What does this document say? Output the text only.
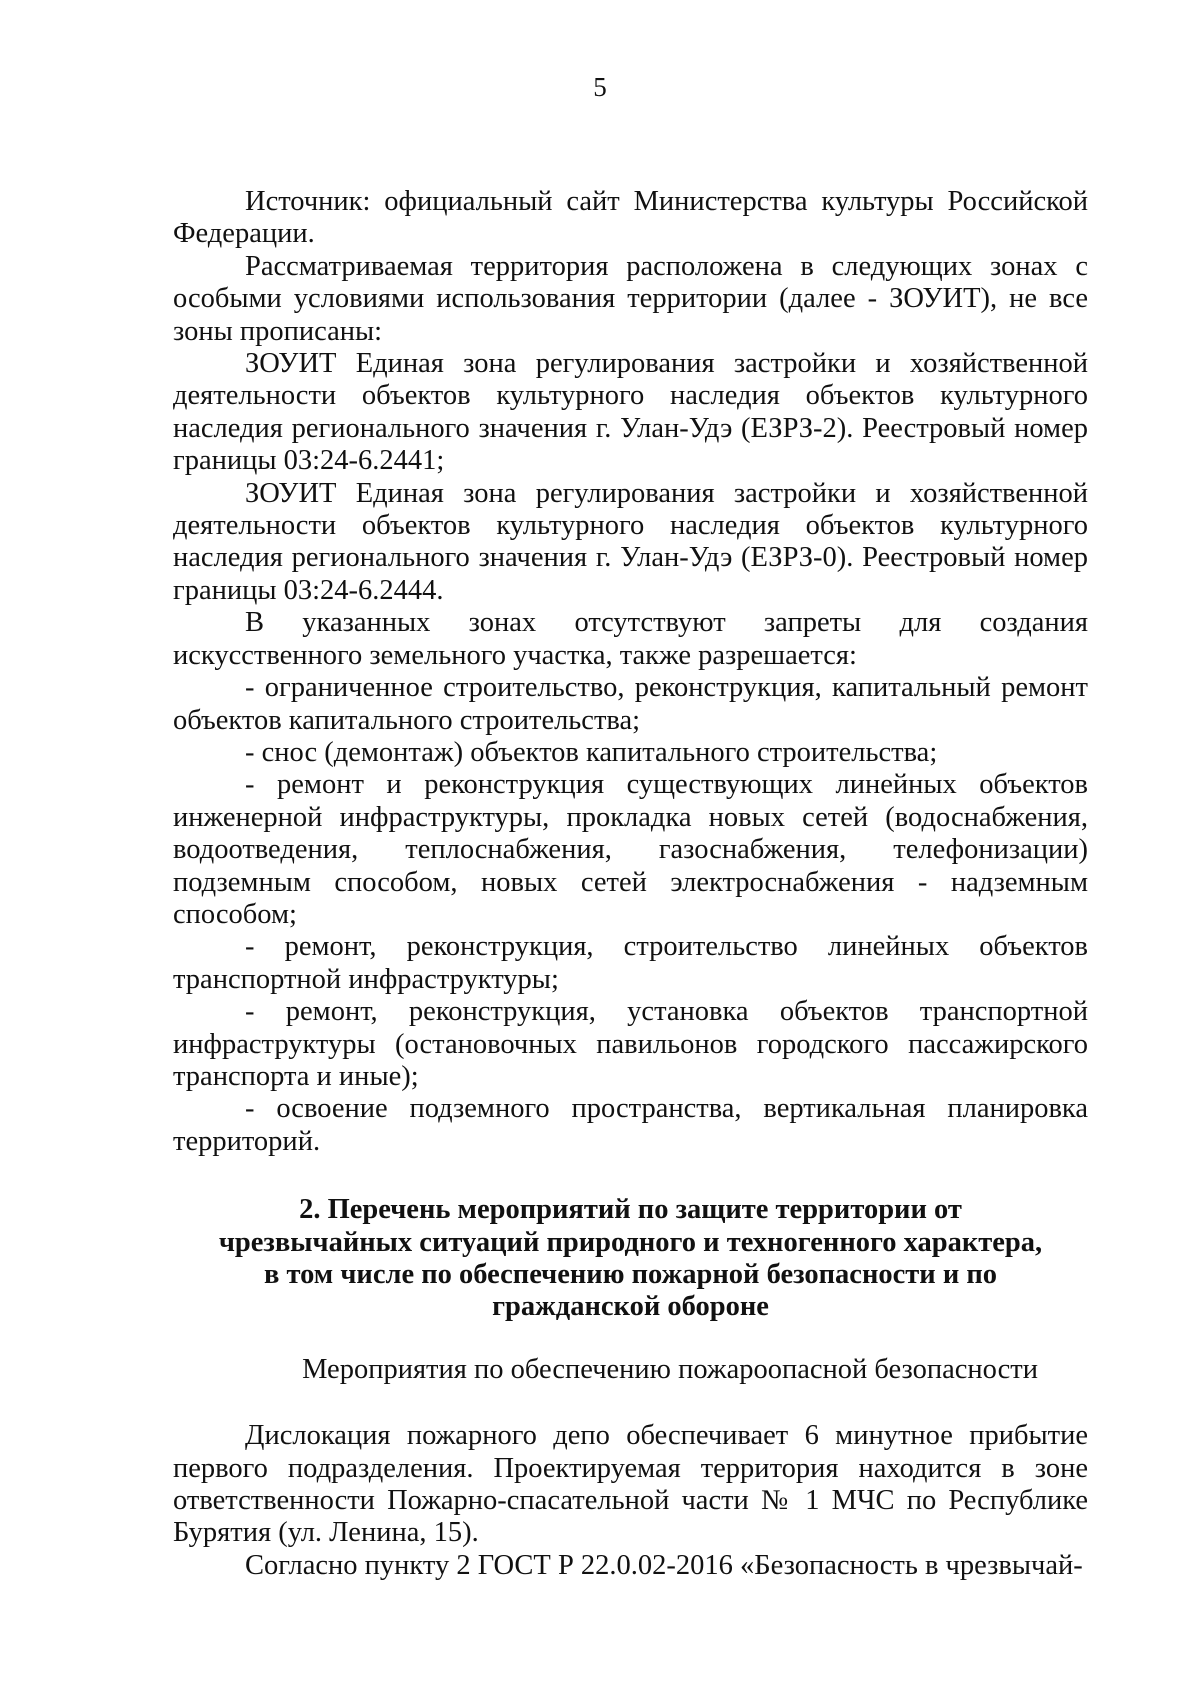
5

Источник: официальный сайт Министерства культуры Российской Федерации.

Рассматриваемая территория расположена в следующих зонах с особыми условиями использования территории (далее - ЗОУИТ), не все зоны прописаны:

ЗОУИТ Единая зона регулирования застройки и хозяйственной деятельности объектов культурного наследия объектов культурного наследия регионального значения г. Улан-Удэ (ЕЗРЗ-2). Реестровый номер границы 03:24-6.2441;

ЗОУИТ Единая зона регулирования застройки и хозяйственной деятельности объектов культурного наследия объектов культурного наследия регионального значения г. Улан-Удэ (ЕЗРЗ-0). Реестровый номер границы 03:24-6.2444.

В указанных зонах отсутствуют запреты для создания искусственного земельного участка, также разрешается:

- ограниченное строительство, реконструкция, капитальный ремонт объектов капитального строительства;

- снос (демонтаж) объектов капитального строительства;

- ремонт и реконструкция существующих линейных объектов инженерной инфраструктуры, прокладка новых сетей (водоснабжения, водоотведения, теплоснабжения, газоснабжения, телефонизации) подземным способом, новых сетей электроснабжения - надземным способом;

- ремонт, реконструкция, строительство линейных объектов транспортной инфраструктуры;

- ремонт, реконструкция, установка объектов транспортной инфраструктуры (остановочных павильонов городского пассажирского транспорта и иные);

- освоение подземного пространства, вертикальная планировка территорий.

2. Перечень мероприятий по защите территории от
чрезвычайных ситуаций природного и техногенного характера,
в том числе по обеспечению пожарной безопасности и по
гражданской обороне
Мероприятия по обеспечению пожароопасной безопасности

Дислокация пожарного депо обеспечивает 6 минутное прибытие первого подразделения. Проектируемая территория находится в зоне ответственности Пожарно-спасательной части № 1 МЧС по Республике Бурятия (ул. Ленина, 15).

Согласно пункту 2 ГОСТ Р 22.0.02-2016 «Безопасность в чрезвычай-
